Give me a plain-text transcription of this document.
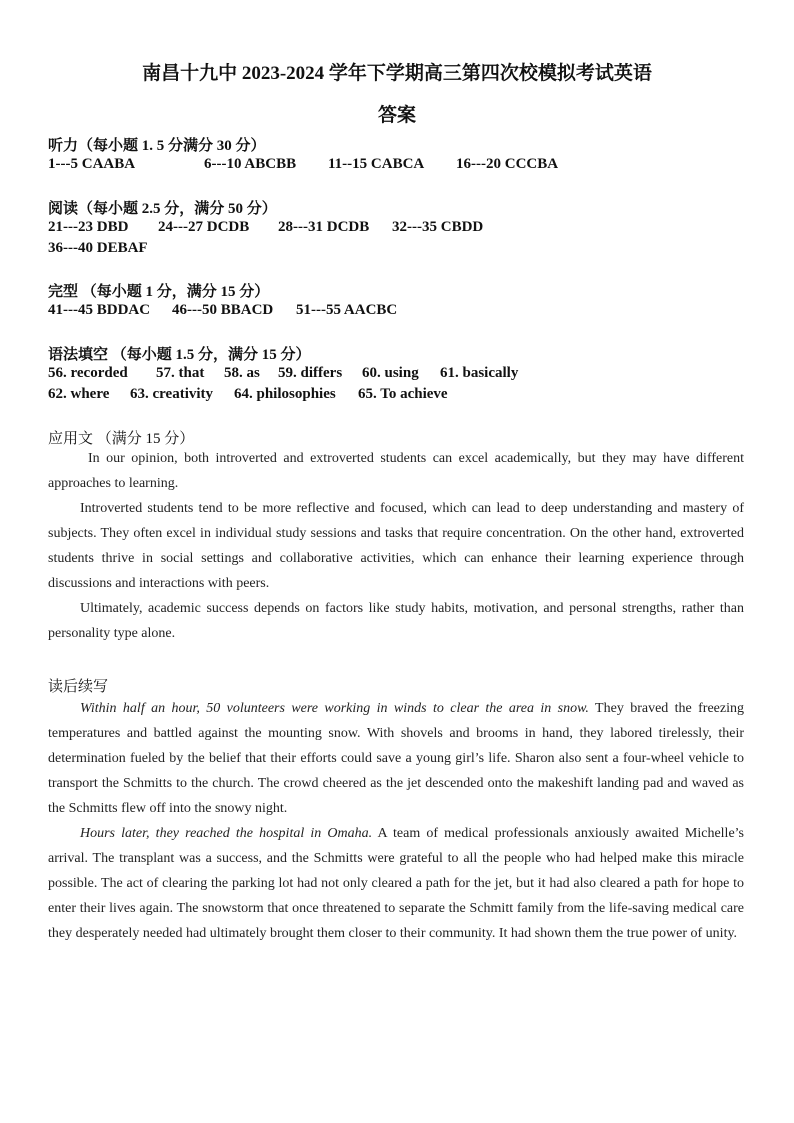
南昌十九中 2023-2024 学年下学期高三第四次校模拟考试英语
答案
听力（每小题 1. 5 分满分 30 分）
1---5 CAABA	6---10 ABCBB 11--15 CABCA 16---20 CCCBA
阅读（每小题 2.5 分，满分 50 分）
21---23 DBD 24---27 DCDB 28---31 DCDB 32---35 CBDD
36---40 DEBAF
完型 （每小题 1 分，满分 15 分）
41---45 BDDAC 46---50 BBACD 51---55 AACBC
语法填空 （每小题 1.5 分，满分 15 分）
56. recorded 57. that 58. as 59. differs 60. using 61. basically
62. where 63. creativity 64. philosophies 65. To achieve
应用文 （满分 15 分）

In our opinion, both introverted and extroverted students can excel academically, but they may have different approaches to learning.

Introverted students tend to be more reflective and focused, which can lead to deep understanding and mastery of subjects. They often excel in individual study sessions and tasks that require concentration. On the other hand, extroverted students thrive in social settings and collaborative activities, which can enhance their learning experience through discussions and interactions with peers.

Ultimately, academic success depends on factors like study habits, motivation, and personal strengths, rather than personality type alone.

读后续写

Within half an hour, 50 volunteers were working in winds to clear the area in snow. They braved the freezing temperatures and battled against the mounting snow. With shovels and brooms in hand, they labored tirelessly, their determination fueled by the belief that their efforts could save a young girl’s life. Sharon also sent a four-wheel vehicle to transport the Schmitts to the church. The crowd cheered as the jet descended onto the makeshift landing pad and waved as the Schmitts flew off into the snowy night.

Hours later, they reached the hospital in Omaha. A team of medical professionals anxiously awaited Michelle’s arrival. The transplant was a success, and the Schmitts were grateful to all the people who had helped make this miracle possible. The act of clearing the parking lot had not only cleared a path for the jet, but it had also cleared a path for hope to enter their lives again. The snowstorm that once threatened to separate the Schmitt family from the life-saving medical care they desperately needed had ultimately brought them closer to their community. It had shown them the true power of unity.
